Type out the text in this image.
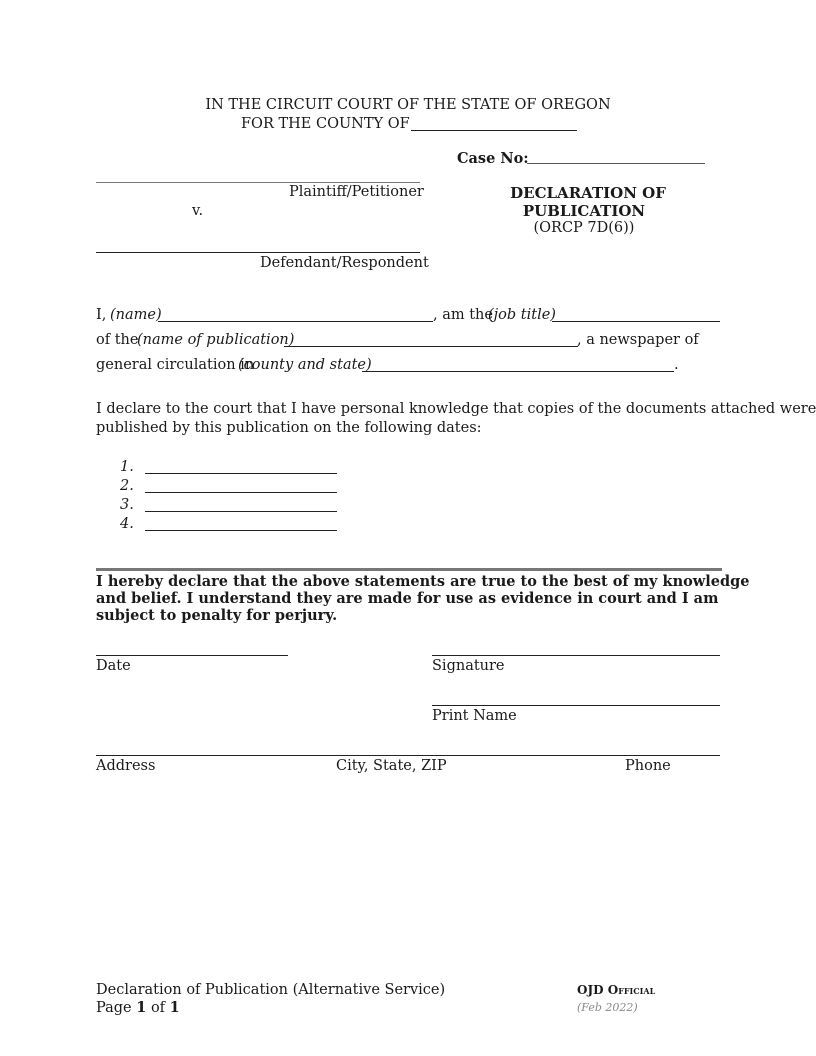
IN THE CIRCUIT COURT OF THE STATE OF OREGON
FOR THE COUNTY OF
Case No:
Plaintiff/Petitioner
v.
Defendant/Respondent
DECLARATION OF
PUBLICATION
(ORCP 7D(6))
I, (name)	, am the
(job title)
of the
(name of publication)	, a newspaper of
general circulation in
(county and state)	.
I declare to the court that I have personal knowledge that copies of the documents attached were
published by this publication on the following dates:
1.
2.
3.
4.
I hereby declare that the above statements are true to the best of my knowledge
and belief. I understand they are made for use as evidence in court and I am
subject to penalty for perjury.
Date	Signature
Print Name
Address	City, State, ZIP	Phone
Declaration of Publication (Alternative Service)
Page 1 of 1
OJD Official
(Feb 2022)
